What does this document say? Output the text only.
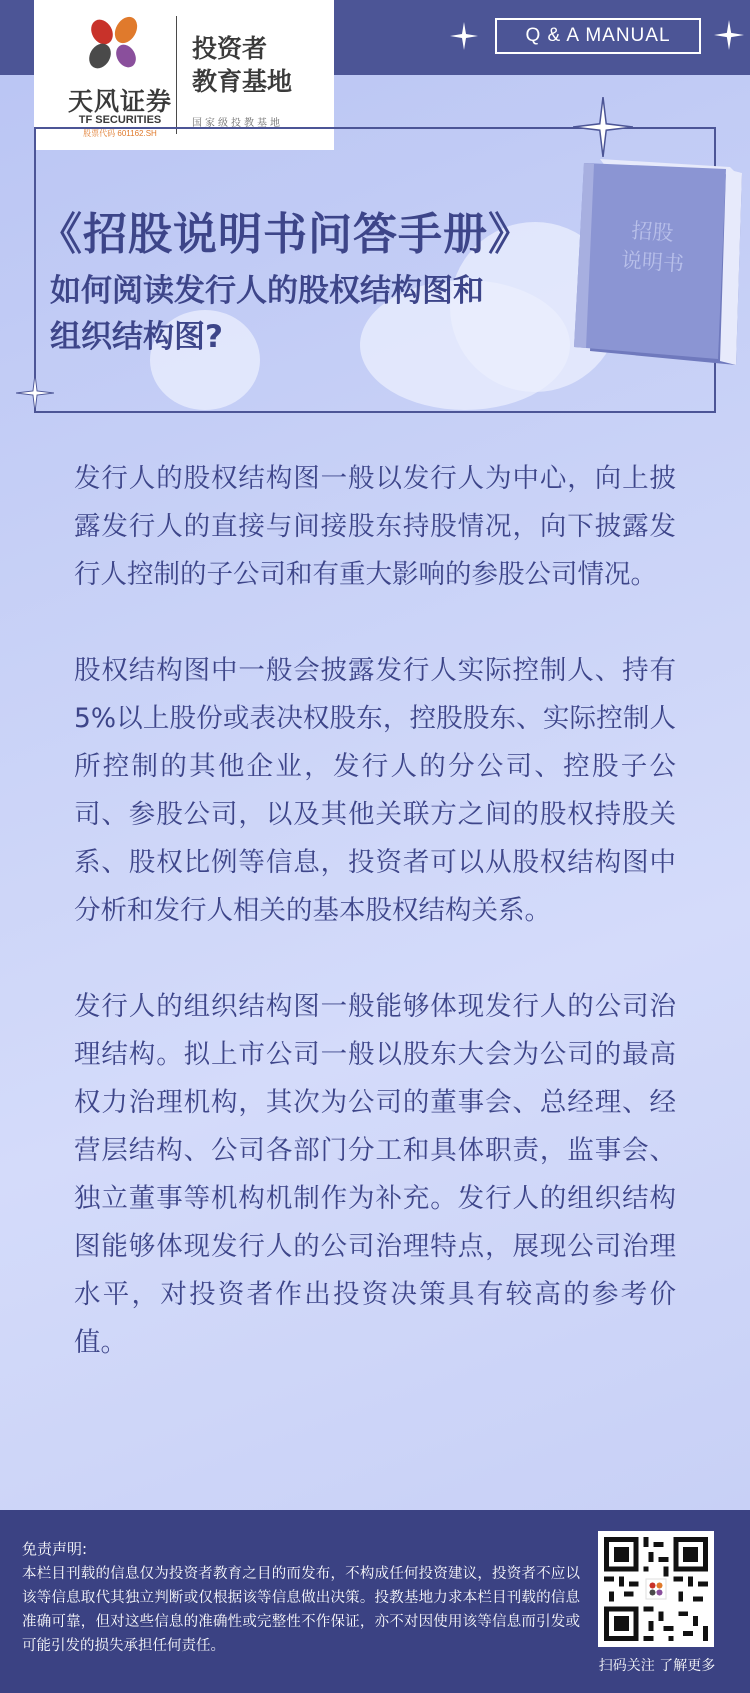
天风证券
TF SECURITIES
股票代码 601162.SH
投资者
教育基地
国家级投教基地
Q & A MANUAL
《招股说明书问答手册》
如何阅读发行人的股权结构图和
组织结构图?
招股
说明书

发行人的股权结构图一般以发行人为中心，向上披露发行人的直接与间接股东持股情况，向下披露发行人控制的子公司和有重大影响的参股公司情况。

股权结构图中一般会披露发行人实际控制人、持有5%以上股份或表决权股东，控股股东、实际控制人所控制的其他企业，发行人的分公司、控股子公司、参股公司，以及其他关联方之间的股权持股关系、股权比例等信息，投资者可以从股权结构图中分析和发行人相关的基本股权结构关系。

发行人的组织结构图一般能够体现发行人的公司治理结构。拟上市公司一般以股东大会为公司的最高权力治理机构，其次为公司的董事会、总经理、经营层结构、公司各部门分工和具体职责，监事会、独立董事等机构机制作为补充。发行人的组织结构图能够体现发行人的公司治理特点，展现公司治理水平，对投资者作出投资决策具有较高的参考价值。

免责声明:
本栏目刊载的信息仅为投资者教育之目的而发布，不构成任何投资建议，投资者不应以该等信息取代其独立判断或仅根据该等信息做出决策。投教基地力求本栏目刊载的信息准确可靠，但对这些信息的准确性或完整性不作保证，亦不对因使用该等信息而引发或可能引发的损失承担任何责任。
扫码关注 了解更多
